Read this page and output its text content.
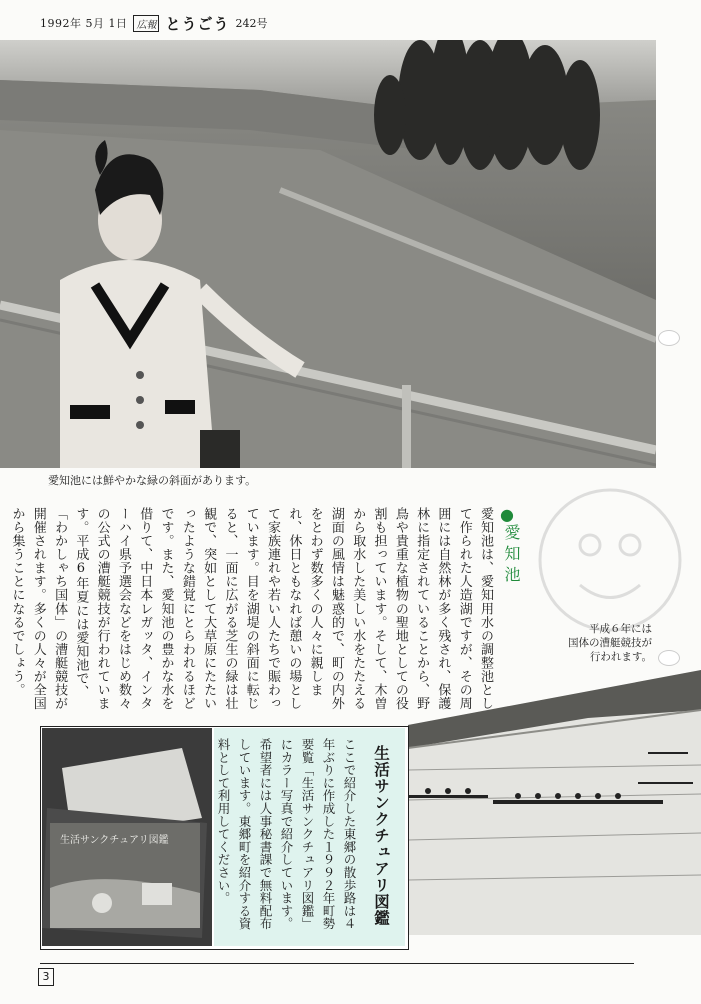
1992年 5月 1日 広報 とうごう 242号
愛知池には鮮やかな緑の斜面があります。
●
愛知池
愛知池は、愛知用水の調整池として作られた人造湖ですが、その周囲には自然林が多く残され、保護林に指定されていることから、野鳥や貴重な植物の聖地としての役割も担っています。そして、木曽から取水した美しい水をたたえる湖面の風情は魅惑的で、町の内外をとわず数多くの人々に親しまれ、休日ともなれば憩いの場として家族連れや若い人たちで賑わっています。目を湖堤の斜面に転じると、一面に広がる芝生の緑は壮観で、突如として大草原にたたいったような錯覚にとらわれるほどです。また、愛知池の豊かな水を借りて、中日本レガッタ、インターハイ県予選会などをはじめ数々の公式の漕艇競技が行われています。平成6年夏には愛知池で、「わかしゃち国体」の漕艇競技が開催されます。多くの人々が全国から集うことになるでしょう。	平成６年には
国体の漕艇競技が
行われます。
生活サンクチュアリ図鑑	生活サンクチュアリ図鑑
ここで紹介した東郷の散歩路は４年ぶりに作成した１９９２年町勢要覧「生活サンクチュアリ図鑑」にカラー写真で紹介しています。希望者には人事秘書課で無料配布しています。東郷町を紹介する資料として利用してください。
3
